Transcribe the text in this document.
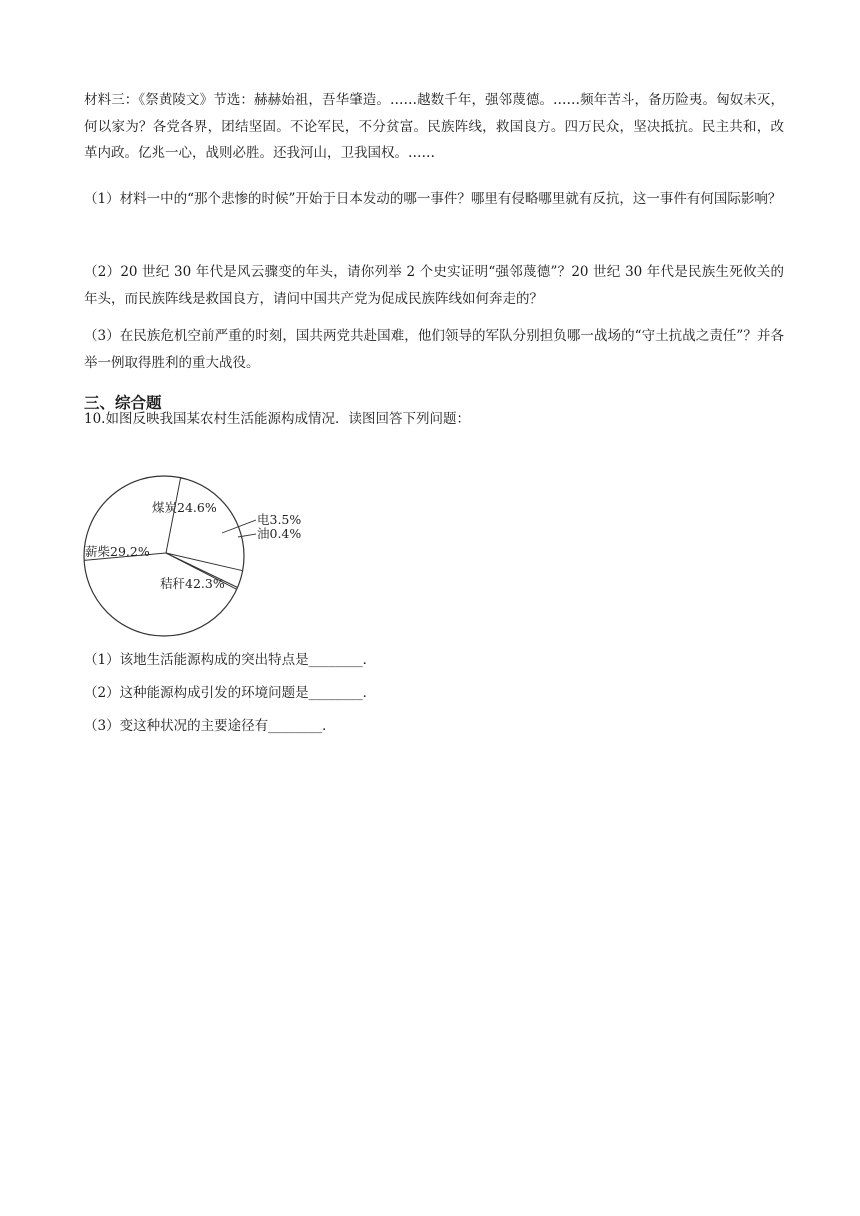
材料三：《祭黄陵文》节选：赫赫始祖，吾华肇造。……越数千年，强邻蔑德。……频年苦斗，备历险夷。匈奴未灭，何以家为？各党各界，团结坚固。不论军民，不分贫富。民族阵线，救国良方。四万民众，坚决抵抗。民主共和，改革内政。亿兆一心，战则必胜。还我河山，卫我国权。……

（1）材料一中的“那个悲惨的时候”开始于日本发动的哪一事件？哪里有侵略哪里就有反抗，这一事件有何国际影响？

（2）20 世纪 30 年代是风云骤变的年头，请你列举 2 个史实证明“强邻蔑德”？20 世纪 30 年代是民族生死攸关的年头，而民族阵线是救国良方，请问中国共产党为促成民族阵线如何奔走的？

（3）在民族危机空前严重的时刻，国共两党共赴国难，他们领导的军队分别担负哪一战场的“守土抗战之责任”？并各举一例取得胜利的重大战役。

三、综合题

10.如图反映我国某农村生活能源构成情况．读图回答下列问题：

煤炭24.6%
电3.5%
油0.4%
秸秆42.3%
薪柴29.2%

（1）该地生活能源构成的突出特点是________．

（2）这种能源构成引发的环境问题是________．

（3）变这种状况的主要途径有________．
